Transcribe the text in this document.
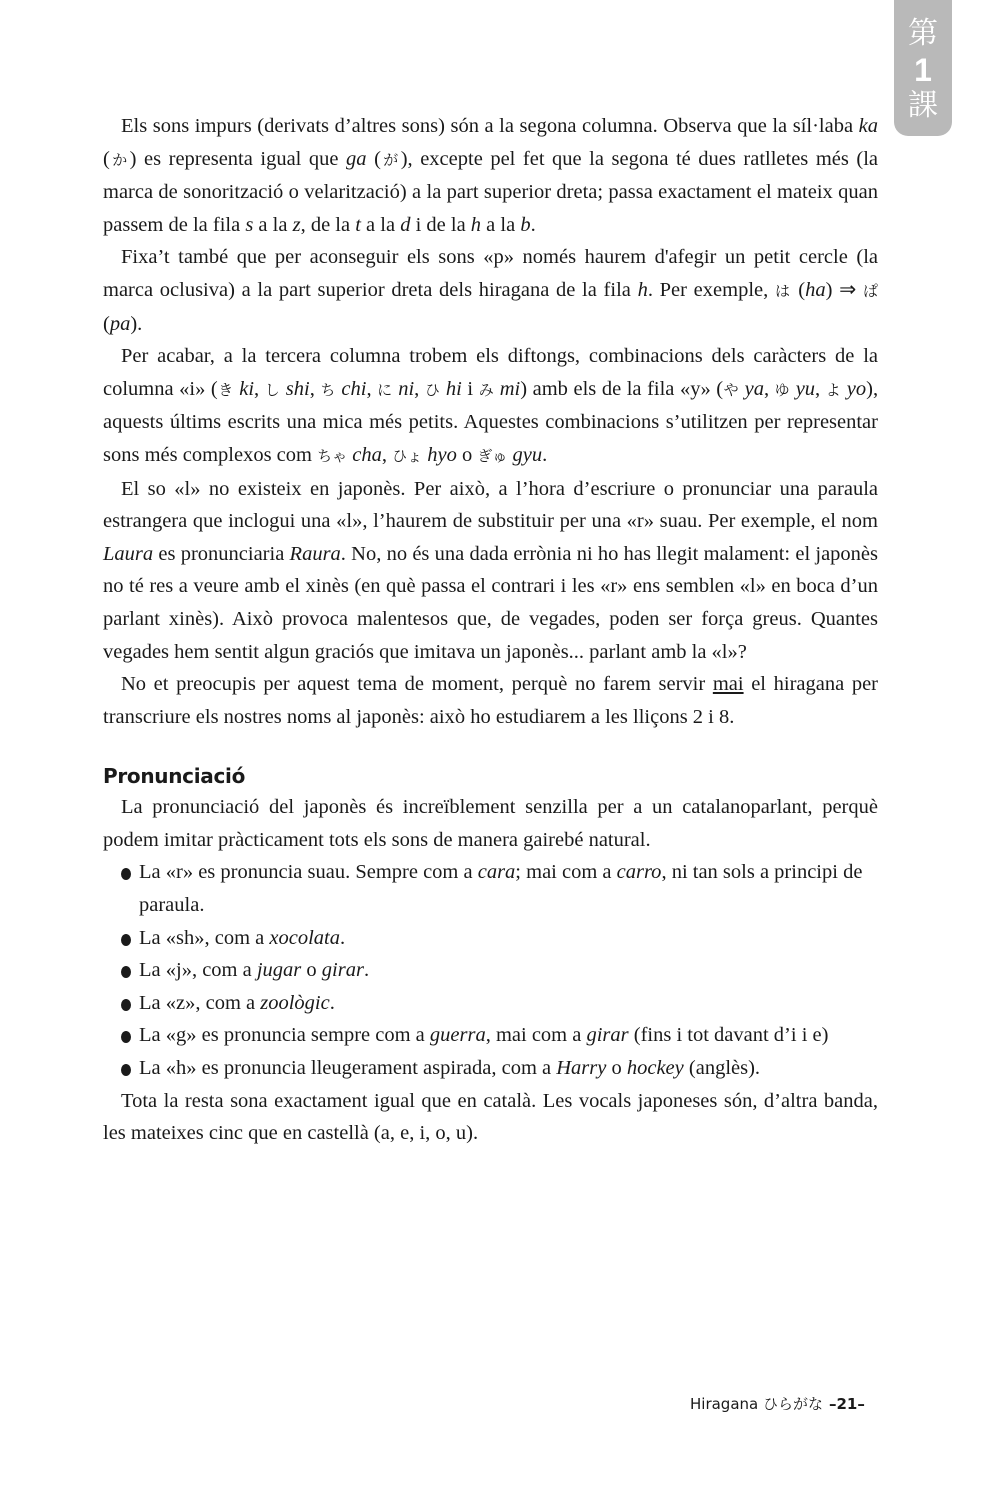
第
1
課

Els sons impurs (derivats d’altres sons) són a la segona columna. Observa que la síl·laba ka (か) es representa igual que ga (が), excepte pel fet que la segona té dues ratlletes més (la marca de sonorització o velarització) a la part superior dreta; passa exactament el mateix quan passem de la fila s a la z, de la t a la d i de la h a la b.

Fixa’t també que per aconseguir els sons «p» només haurem d'afegir un petit cercle (la marca oclusiva) a la part superior dreta dels hiragana de la fila h. Per exemple, は (ha) ⇒ ぱ (pa).

Per acabar, a la tercera columna trobem els diftongs, combinacions dels caràcters de la columna «i» (き ki, し shi, ち chi, に ni, ひ hi i み mi) amb els de la fila «y» (や ya, ゆ yu, よ yo), aquests últims escrits una mica més petits. Aquestes combinacions s’utilitzen per representar sons més complexos com ちゃ cha, ひょ hyo o ぎゅ gyu.

El so «l» no existeix en japonès. Per això, a l’hora d’escriure o pronunciar una paraula estrangera que inclogui una «l», l’haurem de substituir per una «r» suau. Per exemple, el nom Laura es pronunciaria Raura. No, no és una dada errònia ni ho has llegit malament: el japonès no té res a veure amb el xinès (en què passa el contrari i les «r» ens semblen «l» en boca d’un parlant xinès). Això provoca malentesos que, de vegades, poden ser força greus. Quantes vegades hem sentit algun graciós que imitava un japonès... parlant amb la «l»?

No et preocupis per aquest tema de moment, perquè no farem servir mai el hiragana per transcriure els nostres noms al japonès: això ho estudiarem a les lliçons 2 i 8.

Pronunciació

La pronunciació del japonès és increïblement senzilla per a un catalanoparlant, perquè podem imitar pràcticament tots els sons de manera gairebé natural.

La «r» es pronuncia suau. Sempre com a cara; mai com a carro, ni tan sols a principi de paraula.
La «sh», com a xocolata.
La «j», com a jugar o girar.
La «z», com a zoològic.
La «g» es pronuncia sempre com a guerra, mai com a girar (fins i tot davant d’i i e)
La «h» es pronuncia lleugerament aspirada, com a Harry o hockey (anglès).

Tota la resta sona exactament igual que en català. Les vocals japoneses són, d’altra banda, les mateixes cinc que en castellà (a, e, i, o, u).

Hiragana ひらがな –21–
